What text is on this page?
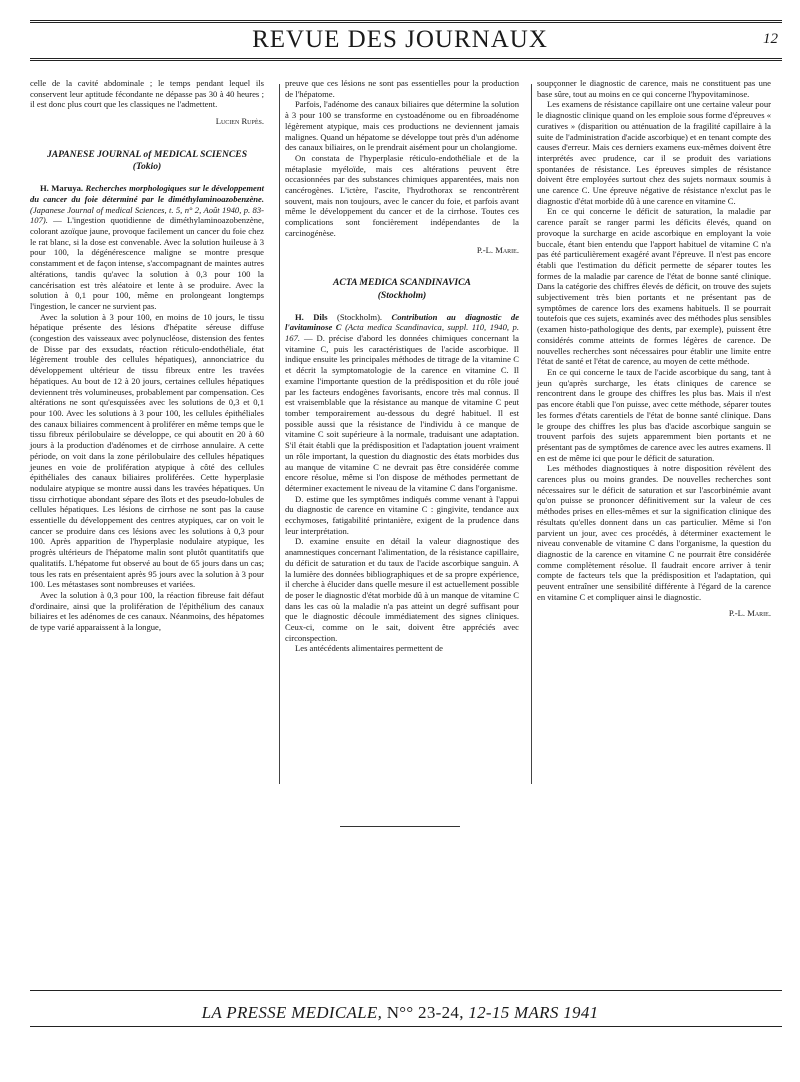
REVUE DES JOURNAUX	12

celle de la cavité abdominale ; le temps pendant lequel ils conservent leur aptitude fécondante ne dépasse pas 30 à 40 heures ; il est donc plus court que les classiques ne l'admettent.

Lucien Rupès.

JAPANESE JOURNAL of MEDICAL SCIENCES
(Tokio)

H. Maruya. Recherches morphologiques sur le développement du cancer du foie déterminé par le diméthylaminoazobenzène. (Japanese Journal of medical Sciences, t. 5, n° 2, Août 1940, p. 83-107). — L'ingestion quotidienne de diméthylaminoazobenzène, colorant azoïque jaune, provoque facilement un cancer du foie chez le rat blanc, si la dose est convenable. Avec la solution huileuse à 3 pour 100, la dégénérescence maligne se montre presque constamment et de façon intense, s'accompagnant de maintes autres altérations, tandis qu'avec la solution à 0,3 pour 100 la cancérisation est très aléatoire et lente à se produire. Avec la solution à 0,1 pour 100, même en prolongeant longtemps l'ingestion, le cancer ne survient pas.

Avec la solution à 3 pour 100, en moins de 10 jours, le tissu hépatique présente des lésions d'hépatite séreuse diffuse (congestion des vaisseaux avec polynucléose, distension des fentes de Disse par des exsudats, réaction réticulo-endothéliale, état légèrement trouble des cellules hépatiques), annonciatrice du développement ultérieur de tissu fibreux entre les travées hépatiques. Au bout de 12 à 20 jours, certaines cellules hépatiques deviennent très volumineuses, probablement par compensation. Ces altérations ne sont qu'esquissées avec les solutions de 0,3 et 0,1 pour 100. Avec les solutions à 3 pour 100, les cellules épithéliales des canaux biliaires commencent à proliférer en même temps que le tissu fibreux périlobulaire se développe, ce qui aboutit en 20 à 60 jours à la production d'adénomes et de cirrhose annulaire. A cette période, on voit dans la zone périlobulaire des cellules hépatiques jeunes en voie de prolifération atypique à côté des cellules épithéliales des canaux biliaires proliférées. Cette hyperplasie nodulaire atypique se montre aussi dans les travées hépatiques. Un tissu cirrhotique abondant sépare des îlots et des pseudo-lobules de cellules hépatiques. Les lésions de cirrhose ne sont pas la cause essentielle du développement des centres atypiques, car on voit le cancer se produire dans ces lésions avec les solutions à 0,3 pour 100. Après apparition de l'hyperplasie nodulaire atypique, les progrès ultérieurs de l'hépatome malin sont plutôt quantitatifs que qualitatifs. L'hépatome fut observé au bout de 65 jours dans un cas; tous les rats en présentaient après 95 jours avec la solution à 3 pour 100. Les métastases sont nombreuses et variées.

Avec la solution à 0,3 pour 100, la réaction fibreuse fait défaut d'ordinaire, ainsi que la prolifération de l'épithélium des canaux biliaires et les adénomes de ces canaux. Néanmoins, des hépatomes de type varié apparaissent à la longue,

preuve que ces lésions ne sont pas essentielles pour la production de l'hépatome.

Parfois, l'adénome des canaux biliaires que détermine la solution à 3 pour 100 se transforme en cystoadénome ou en fibroadénome légèrement atypique, mais ces productions ne deviennent jamais malignes. Quand un hépatome se développe tout près d'un adénome des canaux biliaires, on le prendrait aisément pour un cholangiome.

On constata de l'hyperplasie réticulo-endothéliale et de la métaplasie myéloïde, mais ces altérations peuvent être occasionnées par des substances chimiques apparentées, mais non cancérogènes. L'ictère, l'ascite, l'hydrothorax se rencontrèrent souvent, mais non toujours, avec le cancer du foie, et parfois avant même le développement du cancer et de la cirrhose. Toutes ces complications sont foncièrement indépendantes de la carcinogénèse.

P.-L. Marie.

ACTA MEDICA SCANDINAVICA
(Stockholm)

H. Dils (Stockholm). Contribution au diagnostic de l'avitaminose C (Acta medica Scandinavica, suppl. 110, 1940, p. 167. — D. précise d'abord les données chimiques concernant la vitamine C, puis les caractéristiques de l'acide ascorbique. Il indique ensuite les principales méthodes de titrage de la vitamine C et décrit la symptomatologie de la carence en vitamine C. Il examine l'importante question de la prédisposition et du rôle joué par les facteurs endogènes favorisants, encore très mal connus. Il est vraisemblable que la résistance au manque de vitamine C peut tomber temporairement au-dessous du degré habituel. Il est possible aussi que la résistance de l'individu à ce manque de vitamine C soit supérieure à la normale, traduisant une adaptation. S'il était établi que la prédisposition et l'adaptation jouent vraiment un rôle important, la question du diagnostic des états morbides dus au manque de vitamine C ne devrait pas être considérée comme encore résolue, même si l'on dispose de méthodes permettant de déterminer exactement le niveau de la vitamine C dans l'organisme.

D. estime que les symptômes indiqués comme venant à l'appui du diagnostic de carence en vitamine C : gingivite, tendance aux ecchymoses, fatigabilité printanière, exigent de la prudence dans leur interprétation.

D. examine ensuite en détail la valeur diagnostique des anamnestiques concernant l'alimentation, de la résistance capillaire, du déficit de saturation et du taux de l'acide ascorbique sanguin. A la lumière des données bibliographiques et de sa propre expérience, il cherche à élucider dans quelle mesure il est actuellement possible de poser le diagnostic d'état morbide dû à un manque de vitamine C dans les cas où la maladie n'a pas atteint un degré suffisant pour que le diagnostic découle immédiatement des signes cliniques. Ceux-ci, comme on le sait, doivent être appréciés avec circonspection.

Les antécédents alimentaires permettent de

soupçonner le diagnostic de carence, mais ne constituent pas une base sûre, tout au moins en ce qui concerne l'hypovitaminose.

Les examens de résistance capillaire ont une certaine valeur pour le diagnostic clinique quand on les emploie sous forme d'épreuves « curatives » (disparition ou atténuation de la fragilité capillaire à la suite de l'administration d'acide ascorbique) et en tenant compte des causes d'erreur. Mais ces derniers examens eux-mêmes doivent être interprétés avec prudence, car il se produit des variations spontanées de résistance. Les épreuves simples de résistance doivent être employées surtout chez des sujets normaux soumis à une carence C. Une épreuve négative de résistance n'exclut pas le diagnostic d'état morbide dû à une carence en vitamine C.

En ce qui concerne le déficit de saturation, la maladie par carence paraît se ranger parmi les déficits élevés, quand on provoque la surcharge en acide ascorbique en employant la voie buccale, étant bien entendu que l'apport habituel de vitamine C n'a pas été particulièrement exagéré avant l'épreuve. Il n'est pas encore établi que l'estimation du déficit permette de séparer toutes les formes de la maladie par carence de l'état de bonne santé clinique. Dans la catégorie des chiffres élevés de déficit, on trouve des sujets subjectivement très bien portants et ne présentant pas de symptômes de carence lors des examens habituels. Il se pourrait toutefois que ces sujets, examinés avec des méthodes plus sensibles (examen histo-pathologique des dents, par exemple), puissent être considérés comme atteints de formes légères de carence. De nouvelles recherches sont nécessaires pour établir une limite entre l'état de santé et l'état de carence, au moyen de cette méthode.

En ce qui concerne le taux de l'acide ascorbique du sang, tant à jeun qu'après surcharge, les états cliniques de carence se rencontrent dans le groupe des chiffres les plus bas. Mais il n'est pas encore établi que l'on puisse, avec cette méthode, séparer toutes les formes d'états carentiels de l'état de bonne santé clinique. Dans le groupe des chiffres les plus bas d'acide ascorbique sanguin se trouvent parfois des sujets apparemment bien portants et ne présentant pas de symptômes de carence avec les autres examens. Il en est de même ici que pour le déficit de saturation.

Les méthodes diagnostiques à notre disposition révèlent des carences plus ou moins grandes. De nouvelles recherches sont nécessaires sur le déficit de saturation et sur l'ascorbinémie avant qu'on puisse se prononcer définitivement sur la valeur de ces méthodes prises en elles-mêmes et sur la signification clinique des résultats qu'elles donnent dans un cas particulier. Même si l'on parvient un jour, avec ces procédés, à déterminer exactement le niveau convenable de vitamine C dans l'organisme, la question du diagnostic de la carence en vitamine C ne pourrait être considérée comme complètement résolue. Il faudrait encore arriver à tenir compte de facteurs tels que la prédisposition et l'adaptation, qui peuvent entraîner une sensibilité différente à l'égard de la carence en vitamine C et compliquer ainsi le diagnostic.

P.-L. Marie.

LA PRESSE MEDICALE, N°° 23-24, 12-15 MARS 1941
